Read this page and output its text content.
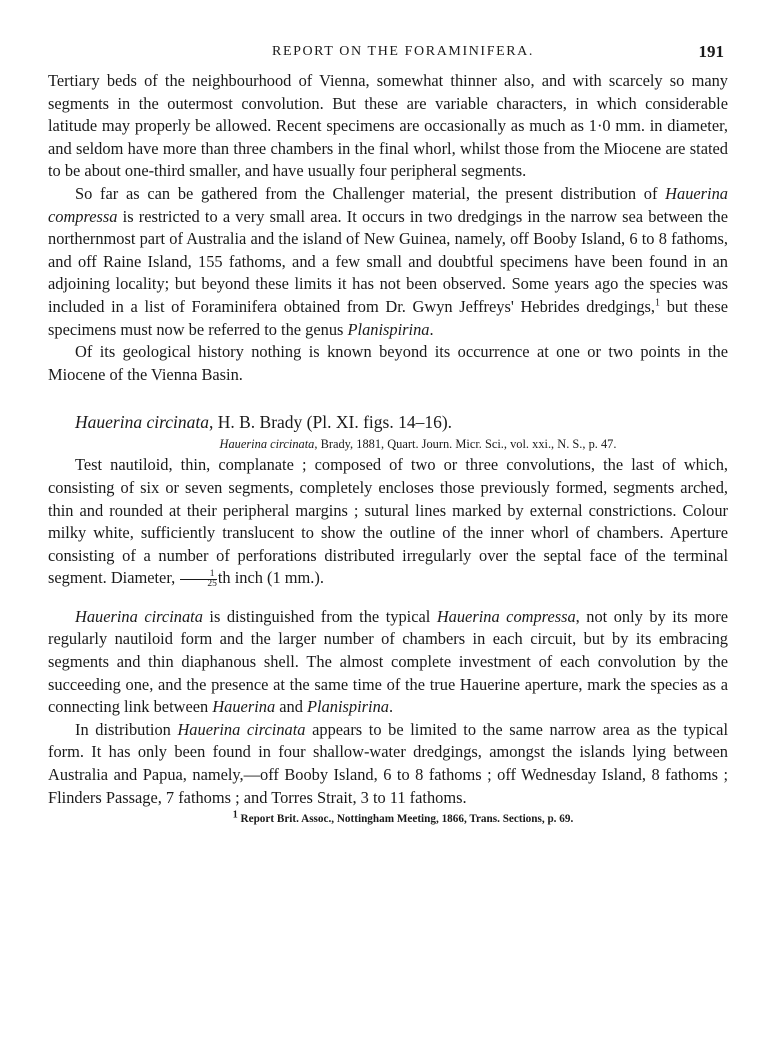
REPORT ON THE FORAMINIFERA.	191

Tertiary beds of the neighbourhood of Vienna, somewhat thinner also, and with scarcely so many segments in the outermost convolution. But these are variable characters, in which considerable latitude may properly be allowed. Recent specimens are occasionally as much as 1·0 mm. in diameter, and seldom have more than three chambers in the final whorl, whilst those from the Miocene are stated to be about one-third smaller, and have usually four peripheral segments.

So far as can be gathered from the Challenger material, the present distribution of Hauerina compressa is restricted to a very small area. It occurs in two dredgings in the narrow sea between the northernmost part of Australia and the island of New Guinea, namely, off Booby Island, 6 to 8 fathoms, and off Raine Island, 155 fathoms, and a few small and doubtful specimens have been found in an adjoining locality; but beyond these limits it has not been observed. Some years ago the species was included in a list of Foraminifera obtained from Dr. Gwyn Jeffreys' Hebrides dredgings,$^1$ but these specimens must now be referred to the genus Planispirina.

Of its geological history nothing is known beyond its occurrence at one or two points in the Miocene of the Vienna Basin.

Hauerina circinata, H. B. Brady (Pl. XI. figs. 14–16).

Hauerina circinata, Brady, 1881, Quart. Journ. Micr. Sci., vol. xxi., N. S., p. 47.

Test nautiloid, thin, complanate ; composed of two or three convolutions, the last of which, consisting of six or seven segments, completely encloses those previously formed, segments arched, thin and rounded at their peripheral margins ; sutural lines marked by external constrictions. Colour milky white, sufficiently translucent to show the outline of the inner whorl of chambers. Aperture consisting of a number of perforations distributed irregularly over the septal face of the terminal segment. Diameter, $\frac{1}{25}$ th inch (1 mm.).

Hauerina circinata is distinguished from the typical Hauerina compressa, not only by its more regularly nautiloid form and the larger number of chambers in each circuit, but by its embracing segments and thin diaphanous shell. The almost complete investment of each convolution by the succeeding one, and the presence at the same time of the true Hauerine aperture, mark the species as a connecting link between Hauerina and Planispirina.

In distribution Hauerina circinata appears to be limited to the same narrow area as the typical form. It has only been found in four shallow-water dredgings, amongst the islands lying between Australia and Papua, namely,—off Booby Island, 6 to 8 fathoms ; off Wednesday Island, 8 fathoms ; Flinders Passage, 7 fathoms ; and Torres Strait, 3 to 11 fathoms.

$^1$ Report Brit. Assoc., Nottingham Meeting, 1866, Trans. Sections, p. 69.
